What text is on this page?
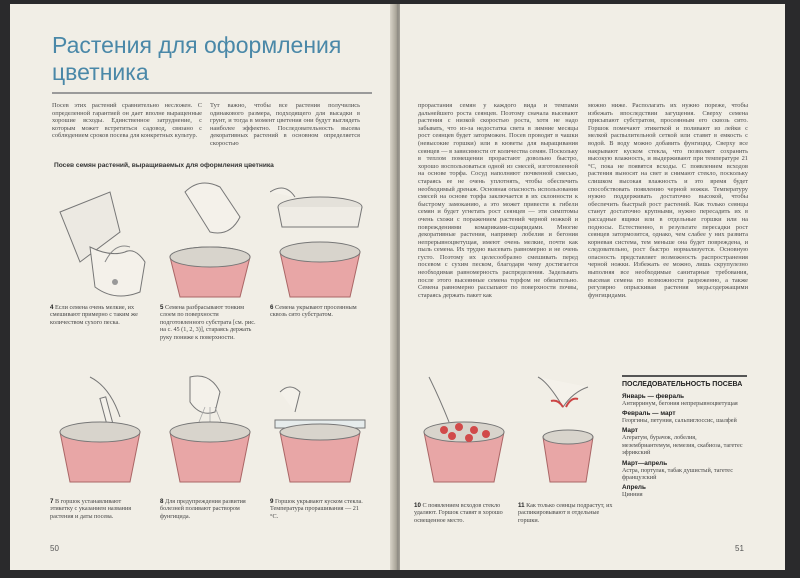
Растения для оформления цветника

Посев этих растений сравнительно несложен. С определенной гарантией он дает вполне выращенные хорошие всходы. Единственное затруднение, с которым может встретиться садовод, связано с соблюдением сроков посева для конкретных культур.

Тут важно, чтобы все растения получились одинакового размера, подходящего для высадки в грунт, и тогда в момент цветения они будут выглядеть наиболее эффектно. Последовательность высева декоративных растений в основном определяется скоростью

Посев семян растений, выращиваемых для оформления цветника
4 Если семена очень мелкие, их смешивают примерно с таким же количеством сухого песка.
5 Семена разбрасывают тонким слоем по поверхности подготовленного субстрата [см. рис. на с. 45 (1, 2, 3)], стараясь держать руку пониже к поверхности.
6 Семена укрывают просеянным сквозь сито субстратом.
7 В горшок устанавливают этикетку с указанием названия растения и даты посева.
8 Для предупреждения развития болезней поливают раствором фунгицида.
9 Горшок укрывают куском стекла. Температура прорашивания — 21 °С.
50

прорастания семян у каждого вида и темпами дальнейшего роста сеянцев. Поэтому сначала высевают растения с низкой скоростью роста, хотя не надо забывать, что из-за недостатка света в зимние месяцы рост сеянцев будет заторможен. Посев проводят в чашки (невысокие горшки) или в кюветы для выращивания сеянцев — в зависимости от количества семян. Поскольку в теплом помещении прорастают довольно быстро, хорошо воспользоваться одной из смесей, изготовленной на основе торфа. Сосуд наполняют почвенной смесью, стараясь ее не очень уплотнять, чтобы обеспечить необходимый дренаж. Основная опасность использования смесей на основе торфа заключается в их склонности к быстрому замоканию, а это может привести к гибели семян и будет угнетать рост сеянцев — эти симптомы очень схожи с поражением растений черной ножкой и повреждениями комариками-сциаридами. Многие декоративные растения, например лобелия и бегония непрерывноцветущая, имеют очень мелкие, почти как пыль семена. Их трудно высевать равномерно и не очень густо. Поэтому их целесообразно смешивать перед посевом с сухим песком, благодаря чему достигается необходимая равномерность распределения. Задельвать после этого высеянные семена торфом не обязательно. Семена равномерно рассыпают по поверхности почвы, стараясь держать пакет как

можно ниже. Располагать их нужно пореже, чтобы избежать впоследствии загущения. Сверху семена присыпают субстратом, просеянным его сквозь сито. Горшок помечают этикеткой и поливают из лейки с мелкой распылительной сеткой или ставят в емкость с водой. В воду можно добавить фунгицид. Сверху все накрывают куском стекла, что позволяет сохранить высокую влажность, и выдерживают при температуре 21 °С, пока не появятся всходы. С появлением всходов растения выносят на свет и снимают стекло, поскольку слишком высокая влажность и это время будет способствовать появлению черной ножки. Температуру нужно поддерживать достаточно высокой, чтобы обеспечить быстрый рост растений. Как только сеянцы станут достаточно крупными, нужно пересадить их в рассадные ящики или в отдельные горшки или на подносы. Естественно, в результате пересадки рост сеянцев затормозится, однако, чем слабее у них развита корневая система, тем меньше она будет повреждена, и следовательно, рост быстро нормализуется. Основную опасность представляет возможность распространения черной ножки. Избежать ее можно, лишь скрупулезно выполняя все необходимые санитарные требования, высевая семена по возможности разреженно, а также регулярно опрыскивая растения медьсодержащими фунгицидами.

10 С появлением всходов стекло удаляют. Горшок ставят в хорошо освещенное место.
11 Как только сеянцы подрастут, их распикировывают в отдельные горшки.
ПОСЛЕДОВАТЕЛЬНОСТЬ ПОСЕВА
Январь — февраль
Антирринум, бегония непрерывноцветущая
Февраль — март
Георгины, петуния, сальпиглоссис, шалфей
Март
Агератум, бурачок, лобелия, мезембриантемум, немезия, скабиоза, тагетес эфрикский
Март—апрель
Астра, портулак, табак душистый, тагетес французский
Апрель
Цинния
51
